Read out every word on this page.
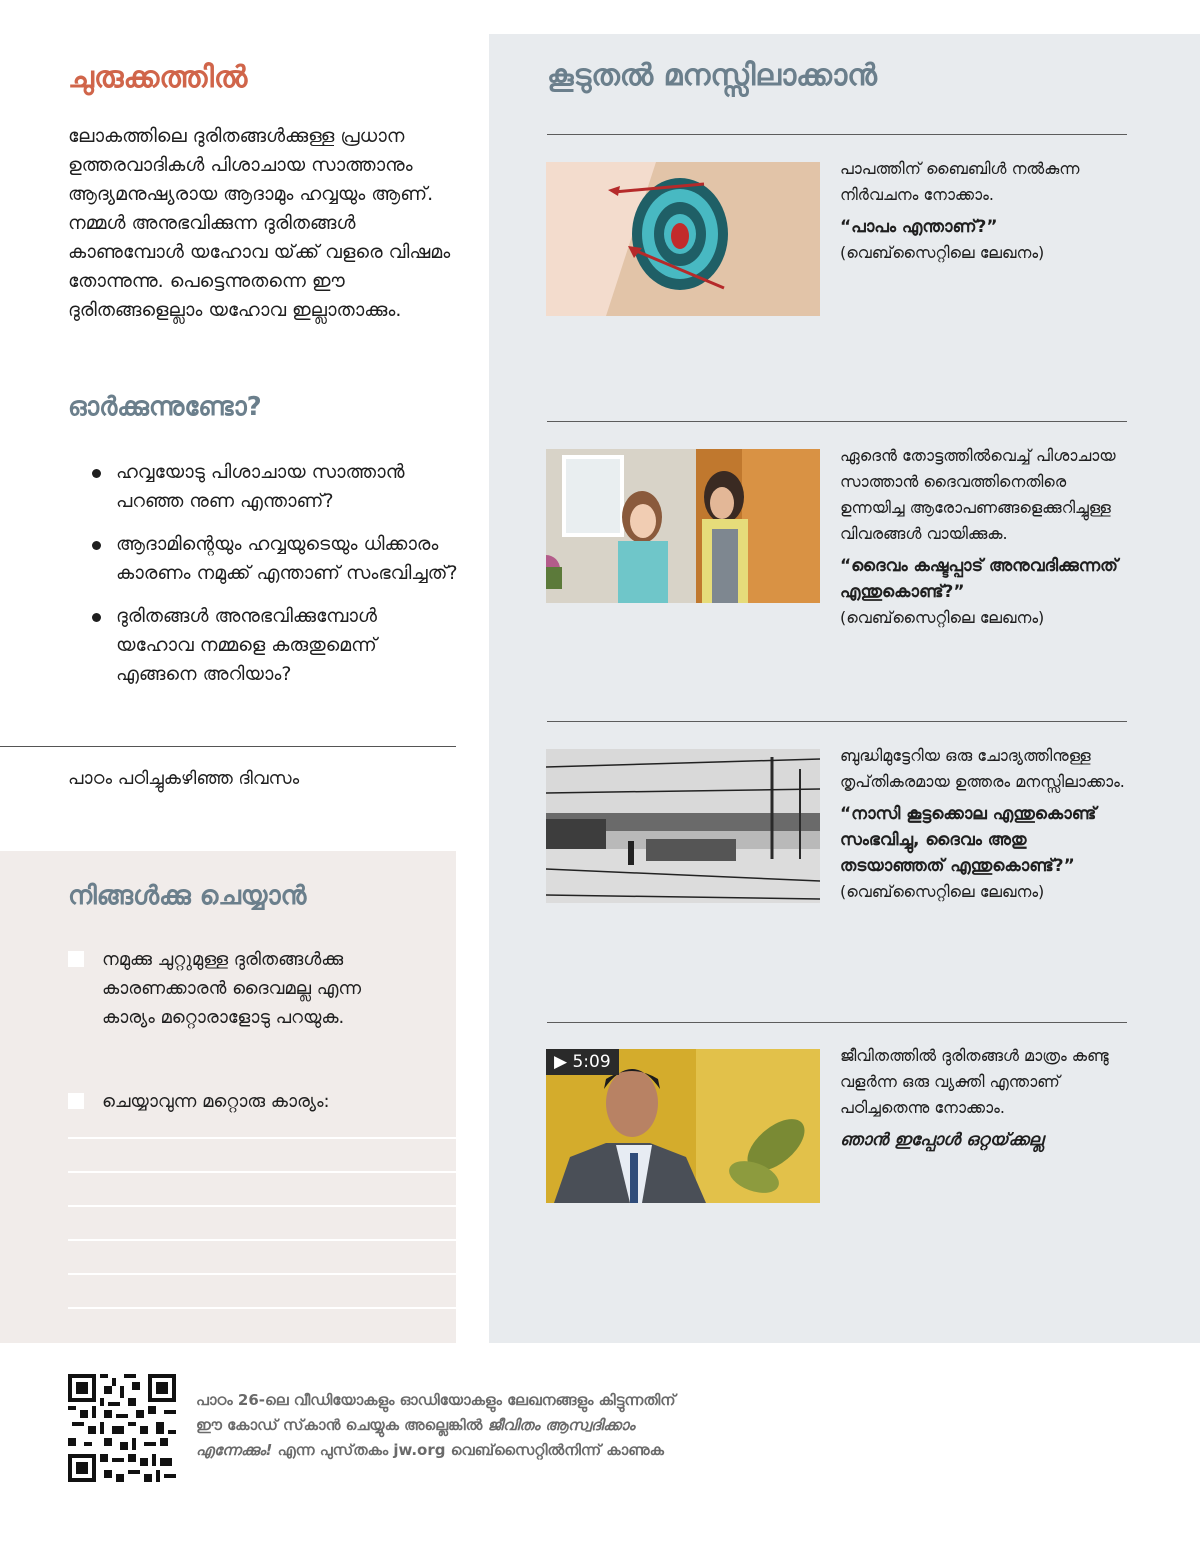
ചുരുക്കത്തിൽ

ലോകത്തിലെ ദുരിതങ്ങൾക്കുള്ള പ്രധാന ഉത്തരവാദികൾ പിശാചായ സാത്താനും ആദ്യമനുഷ്യരായ ആദാമും ഹവ്വയും ആണ്. നമ്മൾ അനുഭവിക്കുന്ന ദുരിതങ്ങൾ കാണുമ്പോൾ യഹോവ യ്‌ക്ക് വളരെ വിഷമം തോന്നുന്നു. പെട്ടെന്നുതന്നെ ഈ ദുരിതങ്ങളെല്ലാം യഹോവ ഇല്ലാതാക്കും.

ഓർക്കുന്നുണ്ടോ?
ഹവ്വയോടു പിശാചായ സാത്താൻ പറഞ്ഞ നുണ എന്താണ്?
ആദാമിന്റെയും ഹവ്വയുടെയും ധിക്കാരം കാരണം നമുക്ക് എന്താണ് സംഭവിച്ചത്?
ദുരിതങ്ങൾ അനുഭവിക്കുമ്പോൾ യഹോവ നമ്മളെ കരുതുമെന്ന് എങ്ങനെ അറിയാം?

പാഠം പഠിച്ചുകഴിഞ്ഞ ദിവസം

നിങ്ങൾക്കു ചെയ്യാൻ
നമുക്കു ചുറ്റുമുള്ള ദുരിതങ്ങൾക്കു കാരണക്കാരൻ ദൈവമല്ല എന്ന കാര്യം മറ്റൊരാളോടു പറയുക.
ചെയ്യാവുന്ന മറ്റൊരു കാര്യം:
കൂടുതൽ മനസ്സിലാക്കാൻ
പാപത്തിന് ബൈബിൾ നൽകുന്ന നിർവചനം നോക്കാം.
“പാപം എന്താണ്?”
(വെബ്‌സൈറ്റിലെ ലേഖനം)
ഏദെൻ തോട്ടത്തിൽവെച്ച് പിശാചായ സാത്താൻ ദൈവത്തിനെതിരെ ഉന്നയിച്ച ആരോപണങ്ങളെക്കുറിച്ചുള്ള വിവരങ്ങൾ വായിക്കുക.
“ദൈവം കഷ്ടപ്പാട് അനുവദിക്കുന്നത് എന്തുകൊണ്ട്?”
(വെബ്‌സൈറ്റിലെ ലേഖനം)
ബുദ്ധിമുട്ടേറിയ ഒരു ചോദ്യത്തിനുള്ള തൃപ്‌തികരമായ ഉത്തരം മനസ്സിലാക്കാം.
“നാസി കൂട്ടക്കൊല എന്തുകൊണ്ട് സംഭവിച്ചു, ദൈവം അതു തടയാഞ്ഞത് എന്തുകൊണ്ട്?” (വെബ്‌സൈറ്റിലെ ലേഖനം)
▶ 5:09	ജീവിതത്തിൽ ദുരിതങ്ങൾ മാത്രം കണ്ടു വളർന്ന ഒരു വ്യക്തി എന്താണ് പഠിച്ചതെന്നു നോക്കാം.
ഞാൻ ഇപ്പോൾ ഒറ്റയ്‌ക്കല്ല

പാഠം 26-ലെ വീഡിയോകളും ഓഡിയോകളും ലേഖനങ്ങളും കിട്ടുന്നതിന് ഈ കോഡ് സ്‌കാൻ ചെയ്യുക അല്ലെങ്കിൽ ജീവിതം ആസ്വദിക്കാം എന്നേക്കും! എന്ന പുസ്‌തകം jw.org വെബ്‌സൈറ്റിൽനിന്ന് കാണുക
